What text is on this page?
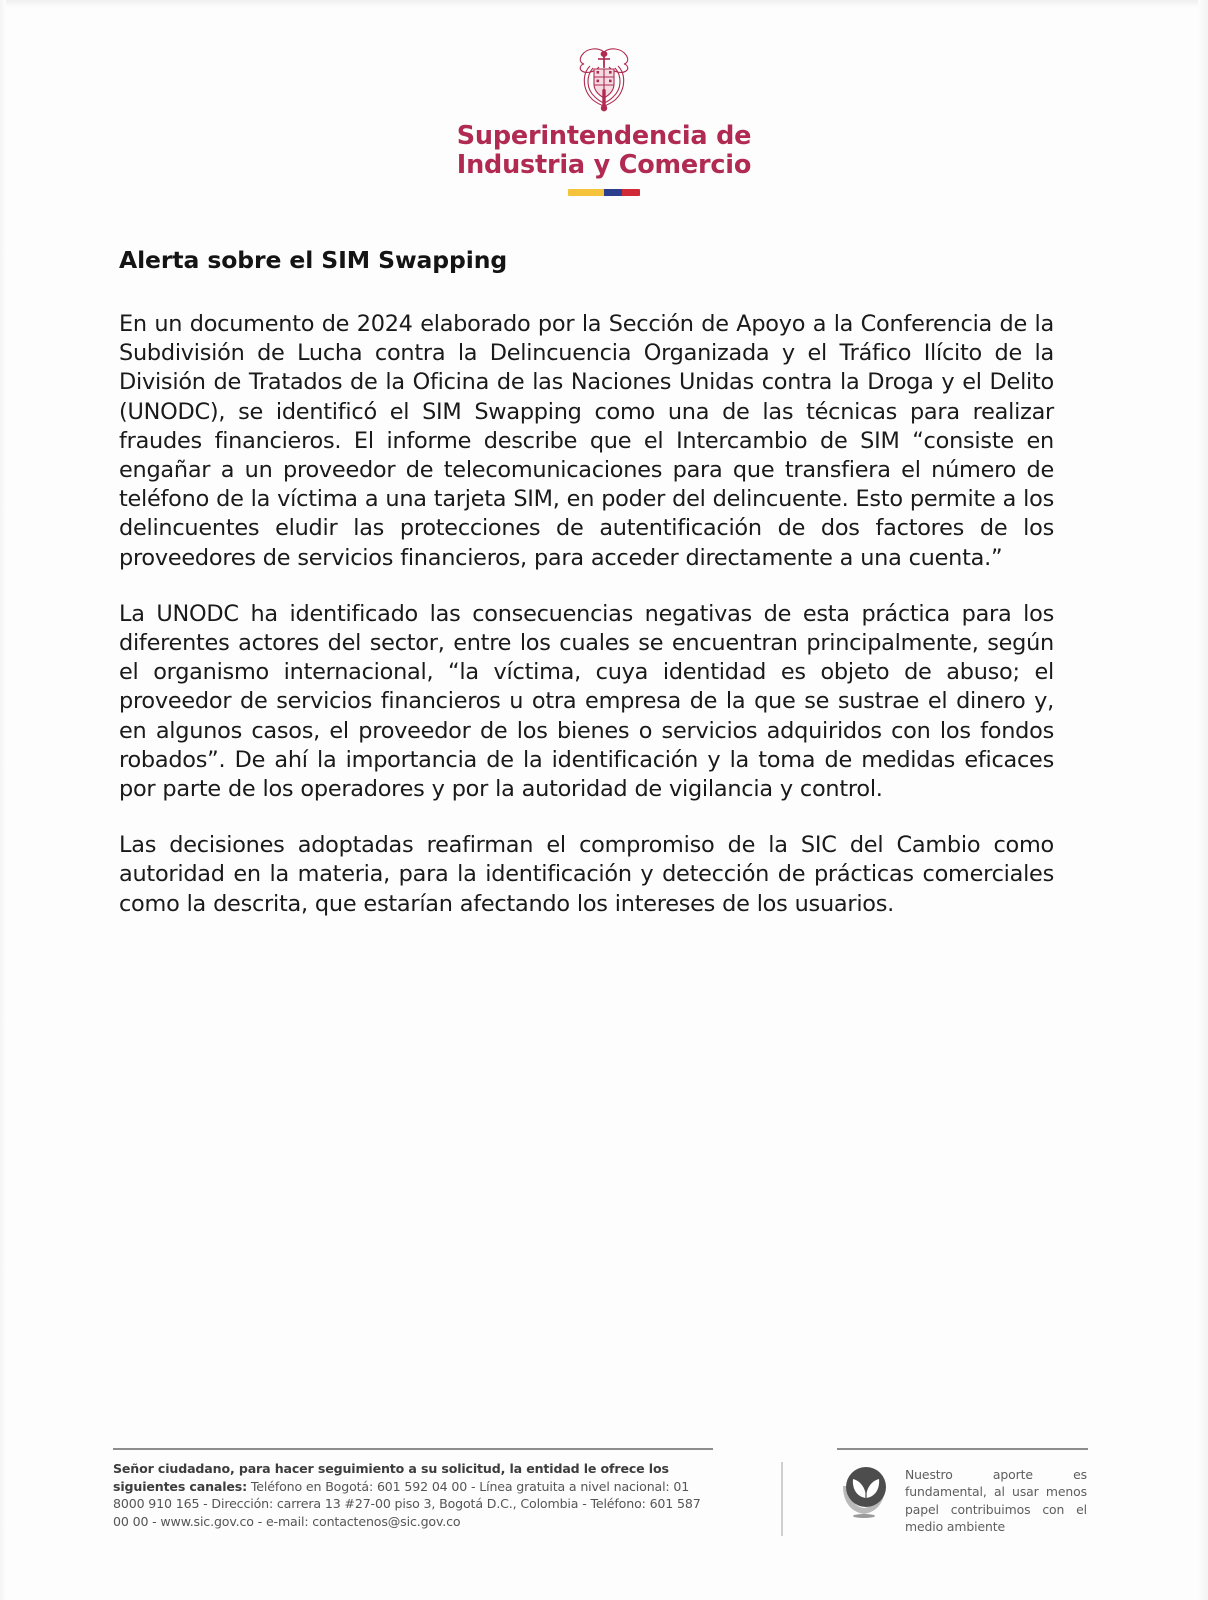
Superintendencia de
Industria y Comercio
Alerta sobre el SIM Swapping

En un documento de 2024 elaborado por la Sección de Apoyo a la Conferencia de la Subdivisión de Lucha contra la Delincuencia Organizada y el Tráfico Ilícito de la División de Tratados de la Oficina de las Naciones Unidas contra la Droga y el Delito (UNODC), se identificó el SIM Swapping como una de las técnicas para realizar fraudes financieros. El informe describe que el Intercambio de SIM “consiste en engañar a un proveedor de telecomunicaciones para que transfiera el número de teléfono de la víctima a una tarjeta SIM, en poder del delincuente. Esto permite a los delincuentes eludir las protecciones de autentificación de dos factores de los proveedores de servicios financieros, para acceder directamente a una cuenta.”

La UNODC ha identificado las consecuencias negativas de esta práctica para los diferentes actores del sector, entre los cuales se encuentran principalmente, según el organismo internacional, “la víctima, cuya identidad es objeto de abuso; el proveedor de servicios financieros u otra empresa de la que se sustrae el dinero y, en algunos casos, el proveedor de los bienes o servicios adquiridos con los fondos robados”. De ahí la importancia de la identificación y la toma de medidas eficaces por parte de los operadores y por la autoridad de vigilancia y control.

Las decisiones adoptadas reafirman el compromiso de la SIC del Cambio como autoridad en la materia, para la identificación y detección de prácticas comerciales como la descrita, que estarían afectando los intereses de los usuarios.

Señor ciudadano, para hacer seguimiento a su solicitud, la entidad le ofrece los siguientes canales: Teléfono en Bogotá: 601 592 04 00 - Línea gratuita a nivel nacional: 01 8000 910 165 - Dirección: carrera 13 #27-00 piso 3, Bogotá D.C., Colombia - Teléfono: 601 587 00 00 - www.sic.gov.co - e-mail: contactenos@sic.gov.co
Nuestro aporte es fundamental, al usar menos papel contribuimos con el medio ambiente
